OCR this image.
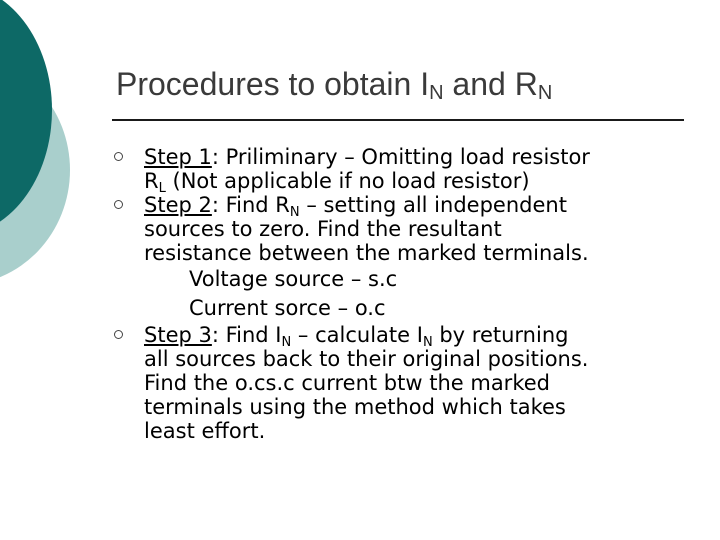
Procedures to obtain $I_N$ and $R_N$
Step 1: Priliminary – Omitting load resistor
RL (Not applicable if no load resistor)
Step 2: Find RN – setting all independent
sources to zero. Find the resultant
resistance between the marked terminals.
Voltage source – s.c
Current sorce – o.c
Step 3: Find IN – calculate IN by returning
all sources back to their original positions.
Find the o.cs.c current btw the marked
terminals using the method which takes
least effort.
